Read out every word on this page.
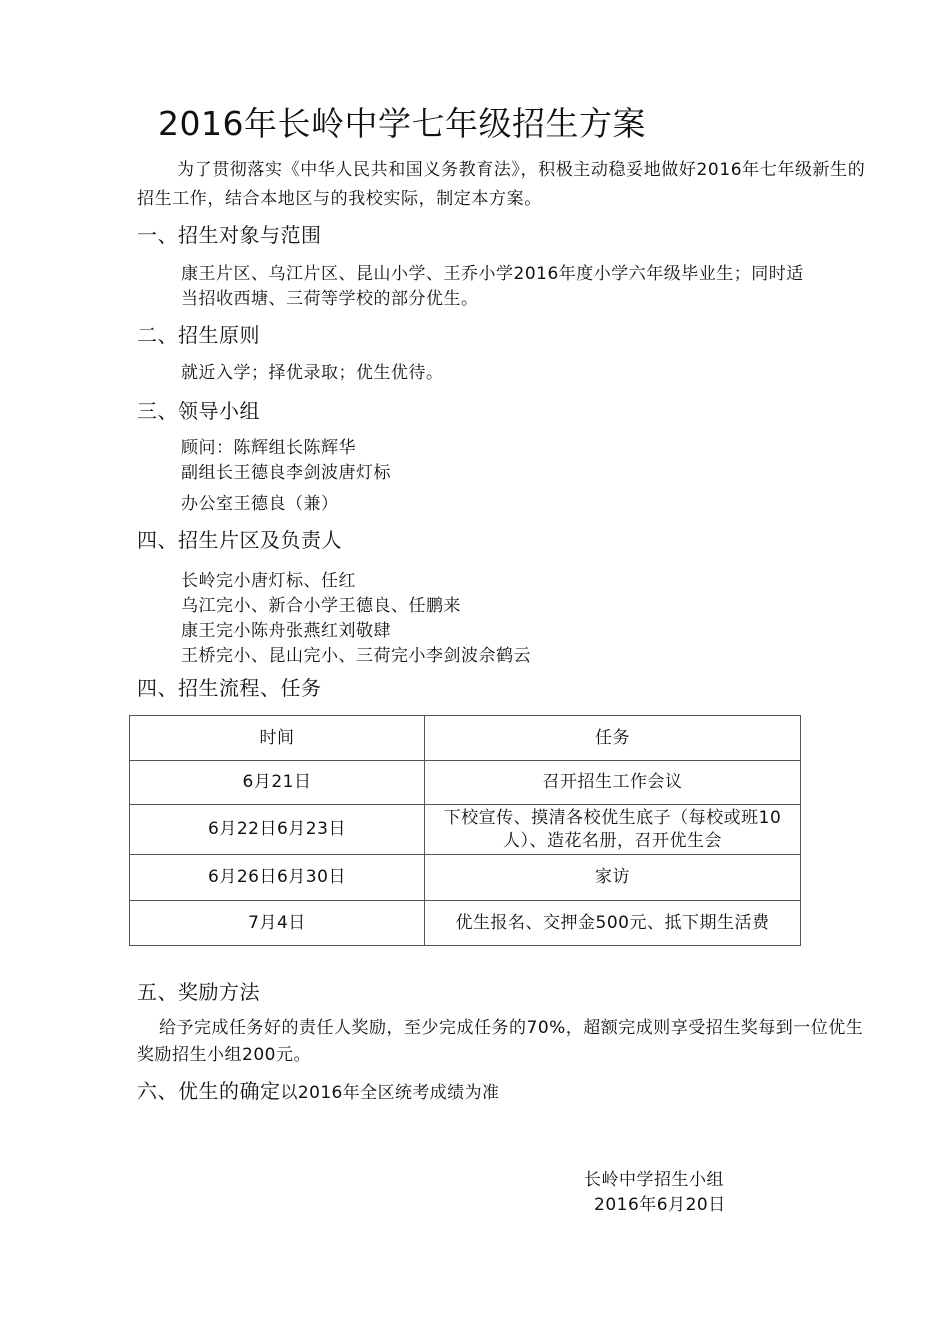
2016年长岭中学七年级招生方案
为了贯彻落实《中华人民共和国义务教育法》，积极主动稳妥地做好2016年七年级新生的招生工作，结合本地区与的我校实际，制定本方案。
一、招生对象与范围
康王片区、乌江片区、昆山小学、王乔小学2016年度小学六年级毕业生；同时适
当招收西塘、三荷等学校的部分优生。
二、招生原则
就近入学；择优录取；优生优待。
三、领导小组
顾问：陈辉组长陈辉华
副组长王德良李剑波唐灯标
办公室王德良（兼）
四、招生片区及负责人
长岭完小唐灯标、任红
乌江完小、新合小学王德良、任鹏来
康王完小陈舟张燕红刘敬肆
王桥完小、昆山完小、三荷完小李剑波佘鹤云
四、招生流程、任务
时间	任务
6月21日	召开招生工作会议
6月22日6月23日	下校宣传、摸清各校优生底子（每校或班10人）、造花名册，召开优生会
6月26日6月30日	家访
7月4日	优生报名、交押金500元、抵下期生活费
五、奖励方法
给予完成任务好的责任人奖励，至少完成任务的70%，超额完成则享受招生奖每到一位优生奖励招生小组200元。
六、优生的确定以2016年全区统考成绩为准
长岭中学招生小组
2016年6月20日
